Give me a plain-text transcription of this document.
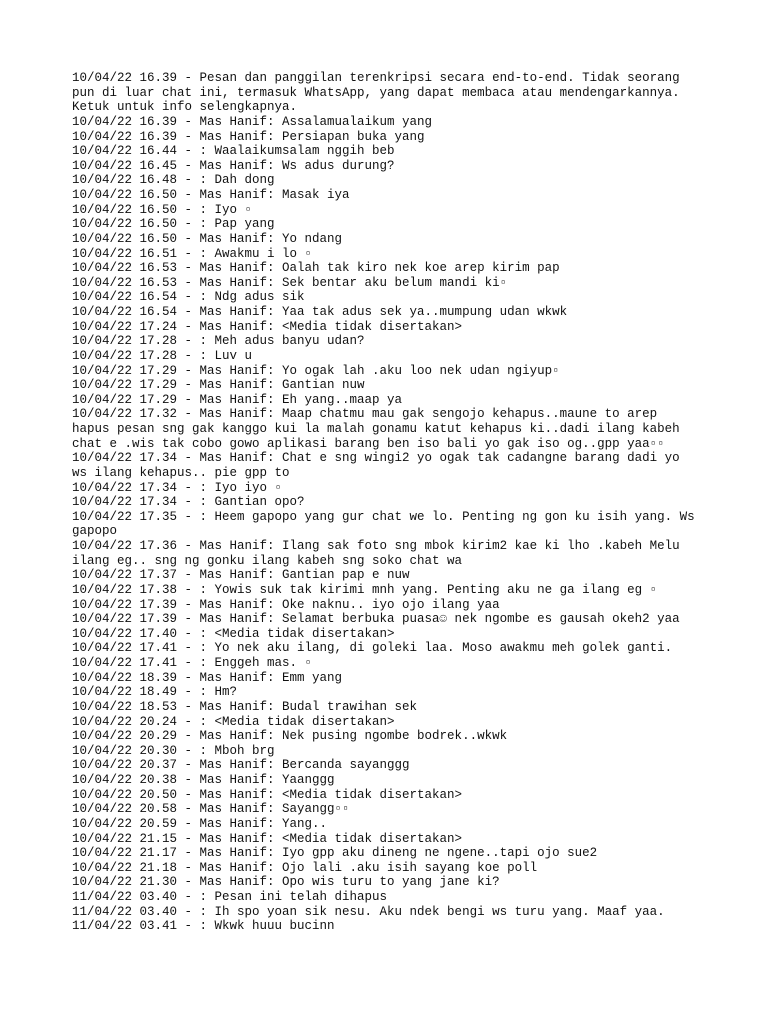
10/04/22 16.39 - Pesan dan panggilan terenkripsi secara end-to-end. Tidak seorang
pun di luar chat ini, termasuk WhatsApp, yang dapat membaca atau mendengarkannya.
Ketuk untuk info selengkapnya.
10/04/22 16.39 - Mas Hanif: Assalamualaikum yang
10/04/22 16.39 - Mas Hanif: Persiapan buka yang
10/04/22 16.44 - : Waalaikumsalam nggih beb
10/04/22 16.45 - Mas Hanif: Ws adus durung?
10/04/22 16.48 - : Dah dong
10/04/22 16.50 - Mas Hanif: Masak iya
10/04/22 16.50 - : Iyo ▫
10/04/22 16.50 - : Pap yang
10/04/22 16.50 - Mas Hanif: Yo ndang
10/04/22 16.51 - : Awakmu i lo ▫
10/04/22 16.53 - Mas Hanif: Oalah tak kiro nek koe arep kirim pap
10/04/22 16.53 - Mas Hanif: Sek bentar aku belum mandi ki▫
10/04/22 16.54 - : Ndg adus sik
10/04/22 16.54 - Mas Hanif: Yaa tak adus sek ya..mumpung udan wkwk
10/04/22 17.24 - Mas Hanif: <Media tidak disertakan>
10/04/22 17.28 - : Meh adus banyu udan?
10/04/22 17.28 - : Luv u
10/04/22 17.29 - Mas Hanif: Yo ogak lah .aku loo nek udan ngiyup▫
10/04/22 17.29 - Mas Hanif: Gantian nuw
10/04/22 17.29 - Mas Hanif: Eh yang..maap ya
10/04/22 17.32 - Mas Hanif: Maap chatmu mau gak sengojo kehapus..maune to arep
hapus pesan sng gak kanggo kui la malah gonamu katut kehapus ki..dadi ilang kabeh
chat e .wis tak cobo gowo aplikasi barang ben iso bali yo gak iso og..gpp yaa▫▫
10/04/22 17.34 - Mas Hanif: Chat e sng wingi2 yo ogak tak cadangne barang dadi yo
ws ilang kehapus.. pie gpp to
10/04/22 17.34 - : Iyo iyo ▫
10/04/22 17.34 - : Gantian opo?
10/04/22 17.35 - : Heem gapopo yang gur chat we lo. Penting ng gon ku isih yang. Ws
gapopo
10/04/22 17.36 - Mas Hanif: Ilang sak foto sng mbok kirim2 kae ki lho .kabeh Melu
ilang eg.. sng ng gonku ilang kabeh sng soko chat wa
10/04/22 17.37 - Mas Hanif: Gantian pap e nuw
10/04/22 17.38 - : Yowis suk tak kirimi mnh yang. Penting aku ne ga ilang eg ▫
10/04/22 17.39 - Mas Hanif: Oke naknu.. iyo ojo ilang yaa
10/04/22 17.39 - Mas Hanif: Selamat berbuka puasa☺ nek ngombe es gausah okeh2 yaa
10/04/22 17.40 - : <Media tidak disertakan>
10/04/22 17.41 - : Yo nek aku ilang, di goleki laa. Moso awakmu meh golek ganti.
10/04/22 17.41 - : Enggeh mas. ▫
10/04/22 18.39 - Mas Hanif: Emm yang
10/04/22 18.49 - : Hm?
10/04/22 18.53 - Mas Hanif: Budal trawihan sek
10/04/22 20.24 - : <Media tidak disertakan>
10/04/22 20.29 - Mas Hanif: Nek pusing ngombe bodrek..wkwk
10/04/22 20.30 - : Mboh brg
10/04/22 20.37 - Mas Hanif: Bercanda sayanggg
10/04/22 20.38 - Mas Hanif: Yaanggg
10/04/22 20.50 - Mas Hanif: <Media tidak disertakan>
10/04/22 20.58 - Mas Hanif: Sayangg▫▫
10/04/22 20.59 - Mas Hanif: Yang..
10/04/22 21.15 - Mas Hanif: <Media tidak disertakan>
10/04/22 21.17 - Mas Hanif: Iyo gpp aku dineng ne ngene..tapi ojo sue2
10/04/22 21.18 - Mas Hanif: Ojo lali .aku isih sayang koe poll
10/04/22 21.30 - Mas Hanif: Opo wis turu to yang jane ki?
11/04/22 03.40 - : Pesan ini telah dihapus
11/04/22 03.40 - : Ih spo yoan sik nesu. Aku ndek bengi ws turu yang. Maaf yaa.
11/04/22 03.41 - : Wkwk huuu bucinn
